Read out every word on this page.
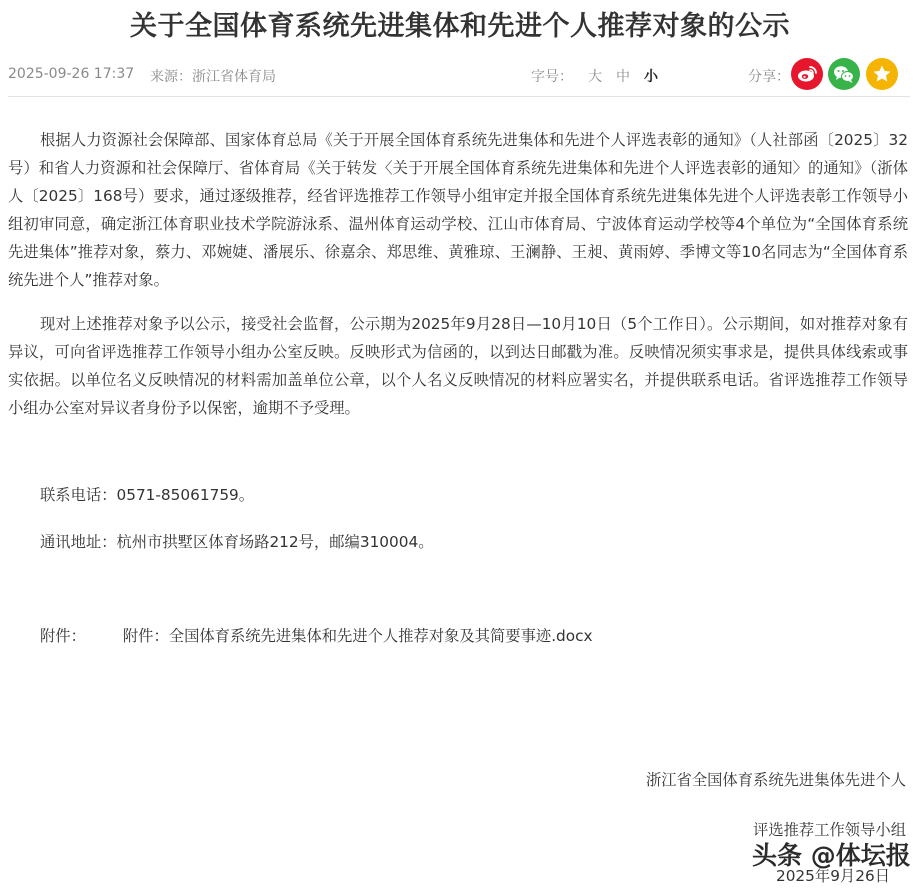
关于全国体育系统先进集体和先进个人推荐对象的公示
2025-09-26 17:37 来源：浙江省体育局	字号： 大 中 小	分享：

根据人力资源社会保障部、国家体育总局《关于开展全国体育系统先进集体和先进个人评选表彰的通知》（人社部函〔2025〕32号）和省人力资源和社会保障厅、省体育局《关于转发〈关于开展全国体育系统先进集体和先进个人评选表彰的通知〉的通知》（浙体人〔2025〕168号）要求，通过逐级推荐，经省评选推荐工作领导小组审定并报全国体育系统先进集体先进个人评选表彰工作领导小组初审同意，确定浙江体育职业技术学院游泳系、温州体育运动学校、江山市体育局、宁波体育运动学校等4个单位为“全国体育系统先进集体”推荐对象，蔡力、邓婉婕、潘展乐、徐嘉余、郑思维、黄雅琼、王澜静、王昶、黄雨婷、季博文等10名同志为“全国体育系统先进个人”推荐对象。

现对上述推荐对象予以公示，接受社会监督，公示期为2025年9月28日—10月10日（5个工作日）。公示期间，如对推荐对象有异议，可向省评选推荐工作领导小组办公室反映。反映形式为信函的，以到达日邮戳为准。反映情况须实事求是，提供具体线索或事实依据。以单位名义反映情况的材料需加盖单位公章，以个人名义反映情况的材料应署实名，并提供联系电话。省评选推荐工作领导小组办公室对异议者身份予以保密，逾期不予受理。

联系电话：0571-85061759。
通讯地址：杭州市拱墅区体育场路212号，邮编310004。
附件： 附件：全国体育系统先进集体和先进个人推荐对象及其简要事迹.docx
浙江省全国体育系统先进集体先进个人
评选推荐工作领导小组
2025年9月26日
头条 @体坛报
